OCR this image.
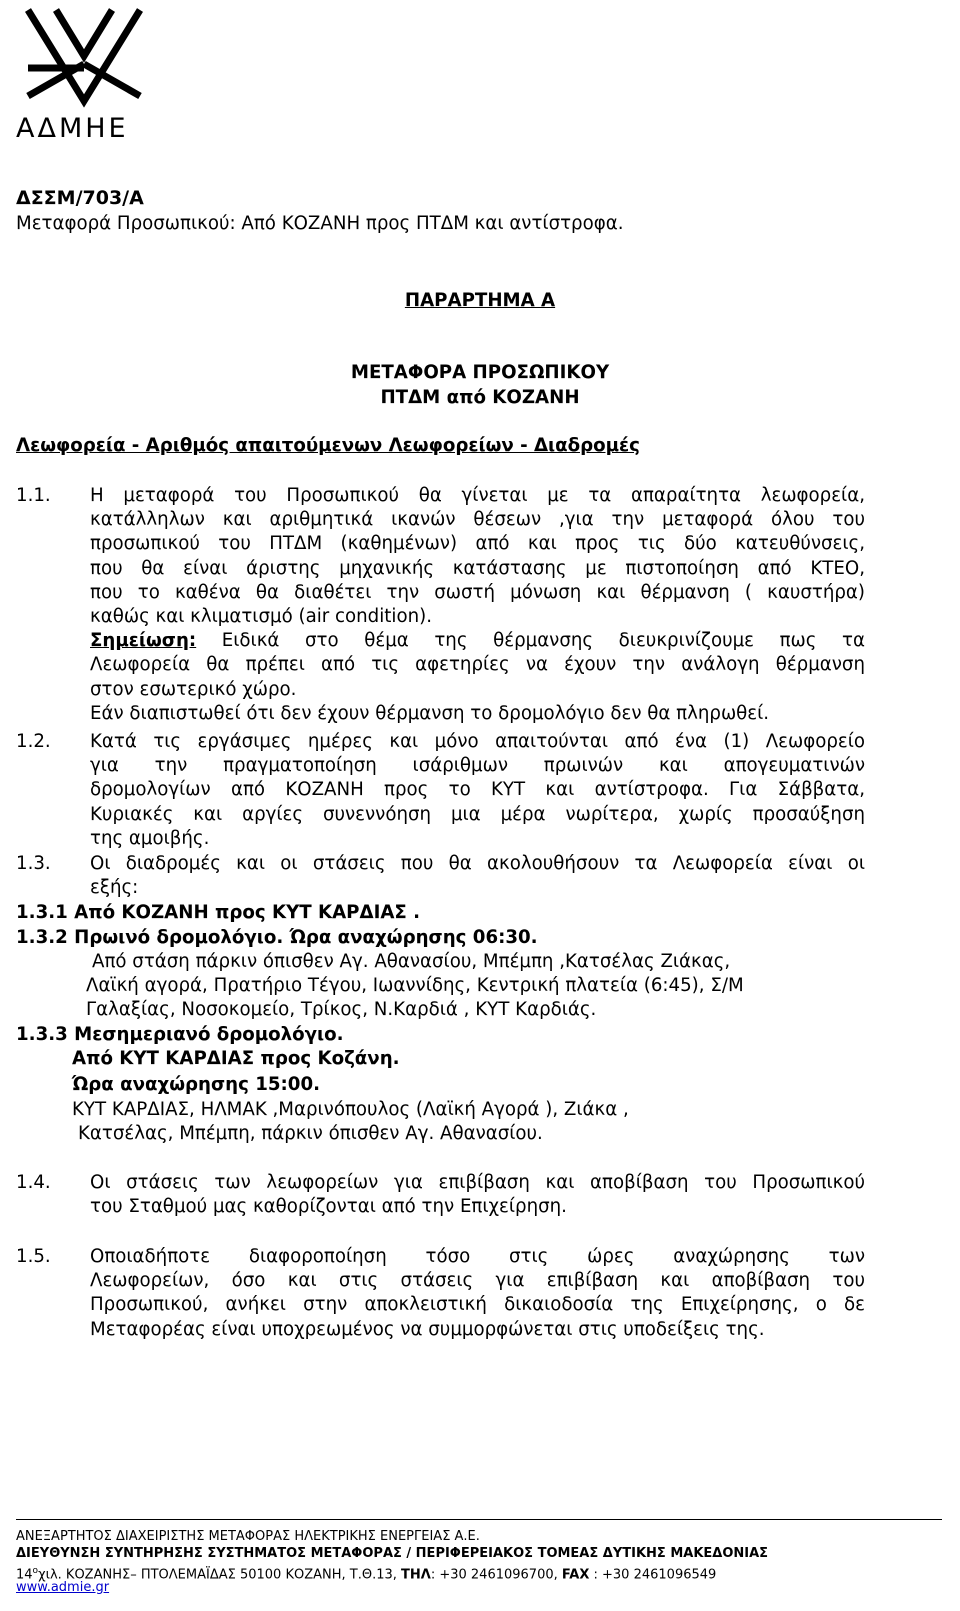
ΑΔΜΗΕ
ΔΣΣΜ/703/Α
Μεταφορά Προσωπικού: Από ΚΟΖΑΝΗ προς ΠΤΔΜ και αντίστροφα.
ΠΑΡΑΡΤΗΜΑ Α
ΜΕΤΑΦΟΡΑ ΠΡΟΣΩΠΙΚΟΥ
ΠΤΔΜ από ΚΟΖΑΝΗ
Λεωφορεία - Αριθμός απαιτούμενων Λεωφορείων - Διαδρομές
1.1. Η μεταφορά του Προσωπικού θα γίνεται με τα απαραίτητα λεωφορεία,
κατάλληλων και αριθμητικά ικανών θέσεων ,για την μεταφορά όλου του
προσωπικού του ΠΤΔΜ (καθημένων) από και προς τις δύο κατευθύνσεις,
που θα είναι άριστης μηχανικής κατάστασης με πιστοποίηση από ΚΤΕΟ,
που το καθένα θα διαθέτει την σωστή μόνωση και θέρμανση ( καυστήρα)
καθώς και κλιματισμό (air condition).
Σημείωση: Ειδικά στο θέμα της θέρμανσης διευκρινίζουμε πως τα
Λεωφορεία θα πρέπει από τις αφετηρίες να έχουν την ανάλογη θέρμανση
στον εσωτερικό χώρο.
Εάν διαπιστωθεί ότι δεν έχουν θέρμανση το δρομολόγιο δεν θα πληρωθεί.
1.2. Κατά τις εργάσιμες ημέρες και μόνο απαιτούνται από ένα (1) Λεωφορείο
για την πραγματοποίηση ισάριθμων πρωινών και απογευματινών
δρομολογίων από ΚΟΖΑΝΗ προς το ΚΥΤ και αντίστροφα. Για Σάββατα,
Κυριακές και αργίες συνεννόηση μια μέρα νωρίτερα, χωρίς προσαύξηση
της αμοιβής.
1.3. Οι διαδρομές και οι στάσεις που θα ακολουθήσουν τα Λεωφορεία είναι οι
εξής:
1.3.1 Από ΚΟΖΑΝΗ προς ΚΥΤ ΚΑΡΔΙΑΣ .
1.3.2 Πρωινό δρομολόγιο. Ώρα αναχώρησης 06:30.
Από στάση πάρκιν όπισθεν Αγ. Αθανασίου, Μπέμπη ,Κατσέλας Ζιάκας,
Λαϊκή αγορά, Πρατήριο Τέγου, Ιωαννίδης, Κεντρική πλατεία (6:45), Σ/Μ
Γαλαξίας, Νοσοκομείο, Τρίκος, Ν.Καρδιά , ΚΥΤ Καρδιάς.
1.3.3 Μεσημεριανό δρομολόγιο.
Από ΚΥΤ ΚΑΡΔΙΑΣ προς Κοζάνη.
Ώρα αναχώρησης 15:00.
ΚΥΤ ΚΑΡΔΙΑΣ, ΗΛΜΑΚ ,Μαρινόπουλος (Λαϊκή Αγορά ), Ζιάκα ,
Κατσέλας, Μπέμπη, πάρκιν όπισθεν Αγ. Αθανασίου.
1.4. Οι στάσεις των λεωφορείων για επιβίβαση και αποβίβαση του Προσωπικού
του Σταθμού μας καθορίζονται από την Επιχείρηση.
1.5. Οποιαδήποτε διαφοροποίηση τόσο στις ώρες αναχώρησης των
Λεωφορείων, όσο και στις στάσεις για επιβίβαση και αποβίβαση του
Προσωπικού, ανήκει στην αποκλειστική δικαιοδοσία της Επιχείρησης, ο δε
Μεταφορέας είναι υποχρεωμένος να συμμορφώνεται στις υποδείξεις της.
ΑΝΕΞΑΡΤΗΤΟΣ ΔΙΑΧΕΙΡΙΣΤΗΣ ΜΕΤΑΦΟΡΑΣ ΗΛΕΚΤΡΙΚΗΣ ΕΝΕΡΓΕΙΑΣ Α.Ε.
ΔΙΕΥΘΥΝΣΗ ΣΥΝΤΗΡΗΣΗΣ ΣΥΣΤΗΜΑΤΟΣ ΜΕΤΑΦΟΡΑΣ / ΠΕΡΙΦΕΡΕΙΑΚΟΣ ΤΟΜΕΑΣ ΔΥΤΙΚΗΣ ΜΑΚΕΔΟΝΙΑΣ
$14^o\chi\iota\lambda$. ΚΟΖΑΝΗΣ– ΠΤΟΛΕΜΑΪΔΑΣ 50100 ΚΟΖΑΝΗ, Τ.Θ.13, ΤΗΛ: +30 2461096700, FAX : +30 2461096549
www.admie.gr
